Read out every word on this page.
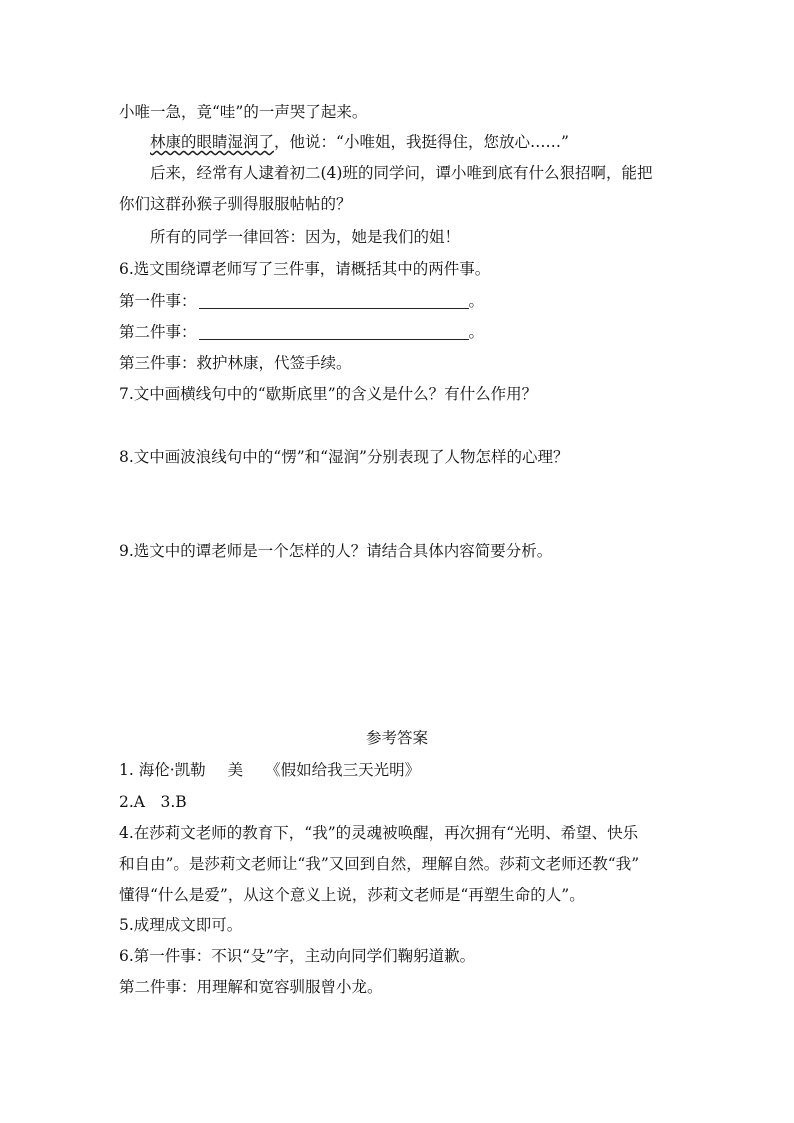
小唯一急，竟“哇”的一声哭了起来。
林康的眼睛湿润了，他说：“小唯姐，我挺得住，您放心……”
后来，经常有人逮着初二(4)班的同学问，谭小唯到底有什么狠招啊，能把
你们这群孙猴子驯得服服帖帖的？
所有的同学一律回答：因为，她是我们的姐！
6.选文围绕谭老师写了三件事，请概括其中的两件事。
第一件事：	。
第二件事：	。
第三件事：救护林康，代签手续。
7.文中画横线句中的“歇斯底里”的含义是什么？有什么作用？
8.文中画波浪线句中的“愣”和“湿润”分别表现了人物怎样的心理？
9.选文中的谭老师是一个怎样的人？请结合具体内容简要分析。
参考答案
1. 海伦·凯勒 美 《假如给我三天光明》
2.A　3.B
4.在莎莉文老师的教育下，“我”的灵魂被唤醒，再次拥有“光明、希望、快乐
和自由”。是莎莉文老师让“我”又回到自然，理解自然。莎莉文老师还教“我”
懂得“什么是爱”，从这个意义上说，莎莉文老师是“再塑生命的人”。
5.成理成文即可。
6.第一件事：不识“殳”字，主动向同学们鞠躬道歉。
第二件事：用理解和宽容驯服曾小龙。
